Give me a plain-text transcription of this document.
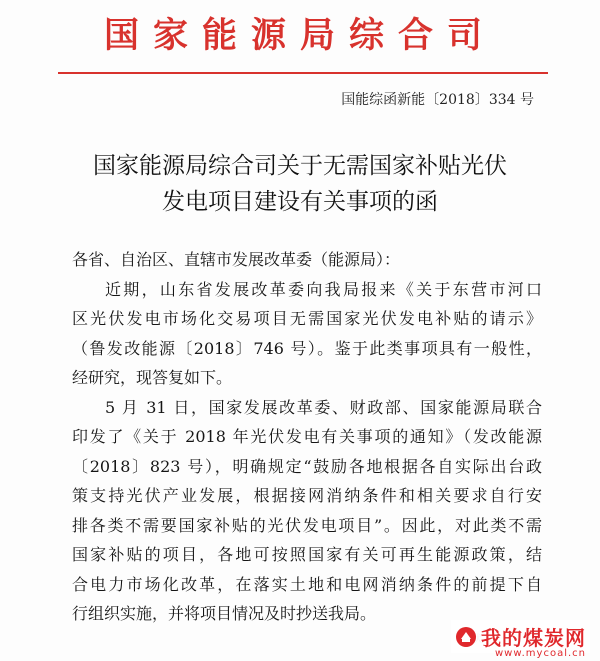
国家能源局综合司
国能综函新能〔2018〕334 号
国家能源局综合司关于无需国家补贴光伏
发电项目建设有关事项的函
各省、自治区、直辖市发展改革委（能源局）：
近期，山东省发展改革委向我局报来《关于东营市河口
区光伏发电市场化交易项目无需国家光伏发电补贴的请示》
（鲁发改能源〔2018〕746 号）。鉴于此类事项具有一般性，
经研究，现答复如下。
5 月 31 日，国家发展改革委、财政部、国家能源局联合
印发了《关于 2018 年光伏发电有关事项的通知》（发改能源
〔2018〕823 号），明确规定“鼓励各地根据各自实际出台政
策支持光伏产业发展，根据接网消纳条件和相关要求自行安
排各类不需要国家补贴的光伏发电项目”。因此，对此类不需
国家补贴的项目，各地可按照国家有关可再生能源政策，结
合电力市场化改革，在落实土地和电网消纳条件的前提下自
行组织实施，并将项目情况及时抄送我局。
我的煤炭网
www.mycoal.cn
